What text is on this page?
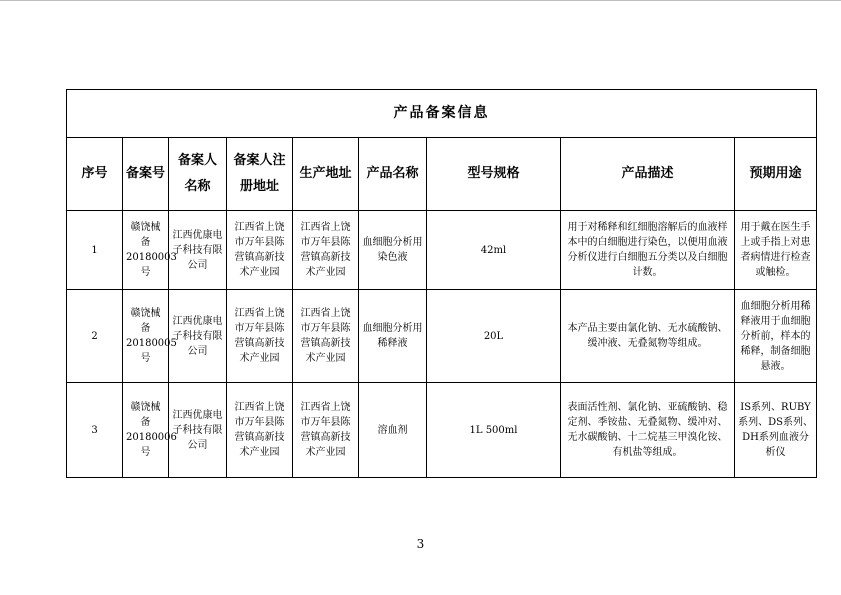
产品备案信息								
序号	备案号	备案人名称	备案人注册地址	生产地址	产品名称	型号规格	产品描述	预期用途
1	赣饶械备20180003号	江西优康电子科技有限公司	江西省上饶市万年县陈营镇高新技术产业园	江西省上饶市万年县陈营镇高新技术产业园	血细胞分析用染色液	42ml	用于对稀释和红细胞溶解后的血液样本中的白细胞进行染色，以便用血液分析仪进行白细胞五分类以及白细胞计数。	用于戴在医生手上或手指上对患者病情进行检查或触检。
2	赣饶械备20180005号	江西优康电子科技有限公司	江西省上饶市万年县陈营镇高新技术产业园	江西省上饶市万年县陈营镇高新技术产业园	血细胞分析用稀释液	20L	本产品主要由氯化钠、无水硫酸钠、缓冲液、无叠氮物等组成。	血细胞分析用稀释液用于血细胞分析前，样本的稀释，制备细胞悬液。
3	赣饶械备20180006号	江西优康电子科技有限公司	江西省上饶市万年县陈营镇高新技术产业园	江西省上饶市万年县陈营镇高新技术产业园	溶血剂	1L 500ml	表面活性剂、氯化钠、亚硫酸钠、稳定剂、季铵盐、无叠氮物、缓冲对、无水碳酸钠、十二烷基三甲溴化铵、有机盐等组成。	IS系列、RUBY系列、DS系列、DH系列血液分析仪
3
